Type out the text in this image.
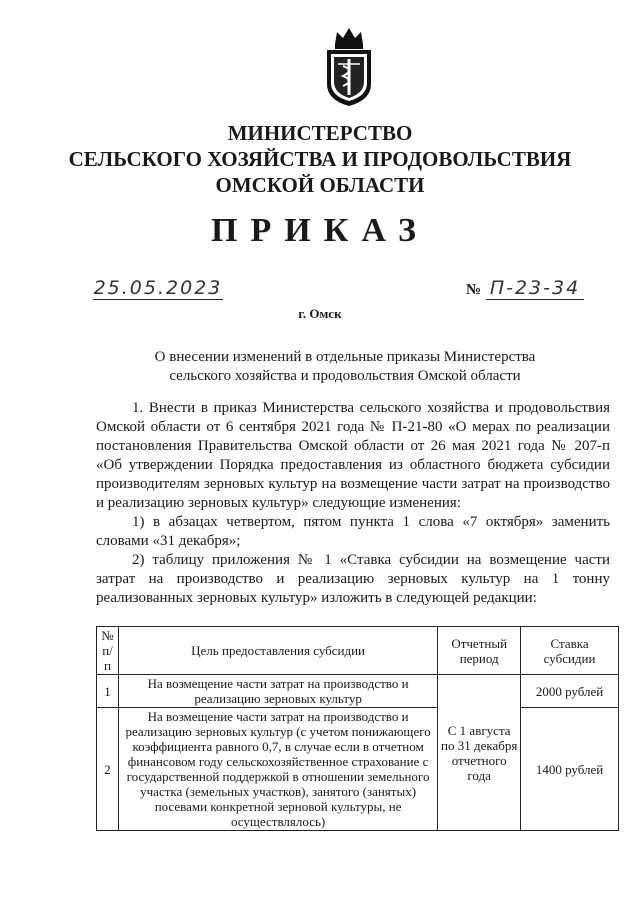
МИНИСТЕРСТВО
СЕЛЬСКОГО ХОЗЯЙСТВА И ПРОДОВОЛЬСТВИЯ
ОМСКОЙ ОБЛАСТИ
ПРИКАЗ
25.05.2023	№ П-23-34
г. Омск
О внесении изменений в отдельные приказы Министерства
сельского хозяйства и продовольствия Омской области

1. Внести в приказ Министерства сельского хозяйства и продовольствия Омской области от 6 сентября 2021 года № П-21-80 «О мерах по реализации постановления Правительства Омской области от 26 мая 2021 года № 207-п «Об утверждении Порядка предоставления из областного бюджета субсидии производителям зерновых культур на возмещение части затрат на производство и реализацию зерновых культур» следующие изменения:

1) в абзацах четвертом, пятом пункта 1 слова «7 октября» заменить словами «31 декабря»;

2) таблицу приложения № 1 «Ставка субсидии на возмещение части затрат на производство и реализацию зерновых культур на 1 тонну реализованных зерновых культур» изложить в следующей редакции:

№ п/п	Цель предоставления субсидии	Отчетный период	Ставка субсидии
1	На возмещение части затрат на производство и реализацию зерновых культур	С 1 августа по 31 декабря отчетного года	2000 рублей
2	На возмещение части затрат на производство и реализацию зерновых культур (с учетом понижающего коэффициента равного 0,7, в случае если в отчетном финансовом году сельскохозяйственное страхование с государственной поддержкой в отношении земельного участка (земельных участков), занятого (занятых) посевами конкретной зерновой культуры, не осуществлялось)		1400 рублей
